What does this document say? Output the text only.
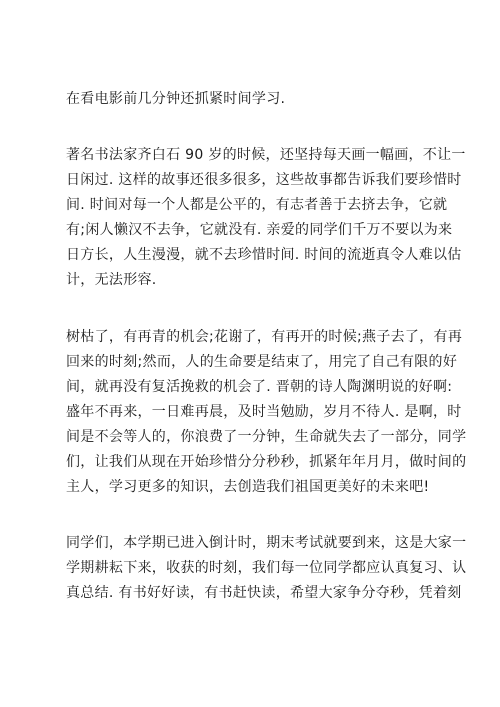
在看电影前几分钟还抓紧时间学习.
著名书法家齐白石 90 岁的时候，还坚持每天画一幅画，不让一
日闲过. 这样的故事还很多很多，这些故事都告诉我们要珍惜时
间. 时间对每一个人都是公平的，有志者善于去挤去争，它就
有;闲人懒汉不去争，它就没有. 亲爱的同学们千万不要以为来
日方长，人生漫漫，就不去珍惜时间. 时间的流逝真令人难以估
计，无法形容.
树枯了，有再青的机会;花谢了，有再开的时候;燕子去了，有再
回来的时刻;然而，人的生命要是结束了，用完了自己有限的好
间，就再没有复活挽救的机会了. 晋朝的诗人陶渊明说的好啊:
盛年不再来，一日难再晨，及时当勉励，岁月不待人. 是啊，时
间是不会等人的，你浪费了一分钟，生命就失去了一部分，同学
们，让我们从现在开始珍惜分分秒秒，抓紧年年月月，做时间的
主人，学习更多的知识，去创造我们祖国更美好的未来吧!
同学们，本学期已进入倒计时，期末考试就要到来，这是大家一
学期耕耘下来，收获的时刻，我们每一位同学都应认真复习、认
真总结. 有书好好读，有书赶快读，希望大家争分夺秒，凭着刻
